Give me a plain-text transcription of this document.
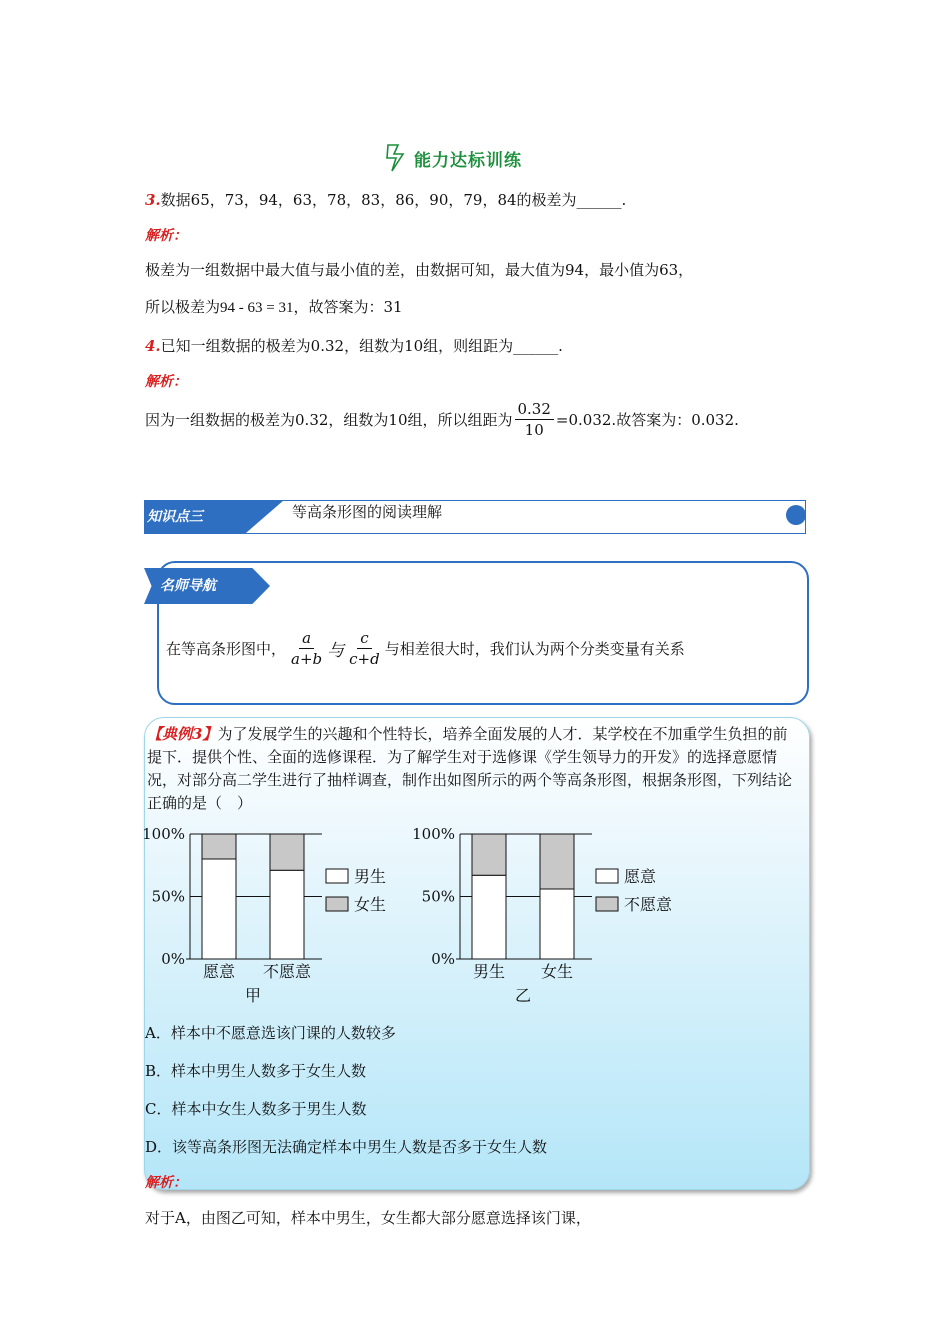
能力达标训练
3.数据65，73，94，63，78，83，86，90，79，84的极差为______.
解析：
极差为一组数据中最大值与最小值的差，由数据可知，最大值为94，最小值为63，
所以极差为94 - 63 = 31，故答案为：31
4.已知一组数据的极差为0.32，组数为10组，则组距为______.
解析：
因为一组数据的极差为0.32，组数为10组，所以组距为 $\frac{0.32}{10} =0.032$ .故答案为：0.032.
知识点三	等高条形图的阅读理解
名师导航
在等高条形图中， $\frac{a}{a+b}$ 与 $\frac{c}{c+d}$ 与相差很大时，我们认为两个分类变量有关系
【典例3】为了发展学生的兴趣和个性特长，培养全面发展的人才．某学校在不加重学生负担的前提下．提供个性、全面的选修课程．为了解学生对于选修课《学生领导力的开发》的选择意愿情况，对部分高二学生进行了抽样调查，制作出如图所示的两个等高条形图，根据条形图，下列结论正确的是（　）
0%
50%
100%
愿意 不愿意
甲
男生
女生
0%
50%
100%
男生 女生
乙
愿意
不愿意
A．样本中不愿意选该门课的人数较多
B．样本中男生人数多于女生人数
C．样本中女生人数多于男生人数
D．该等高条形图无法确定样本中男生人数是否多于女生人数
解析：
对于A，由图乙可知，样本中男生，女生都大部分愿意选择该门课，
